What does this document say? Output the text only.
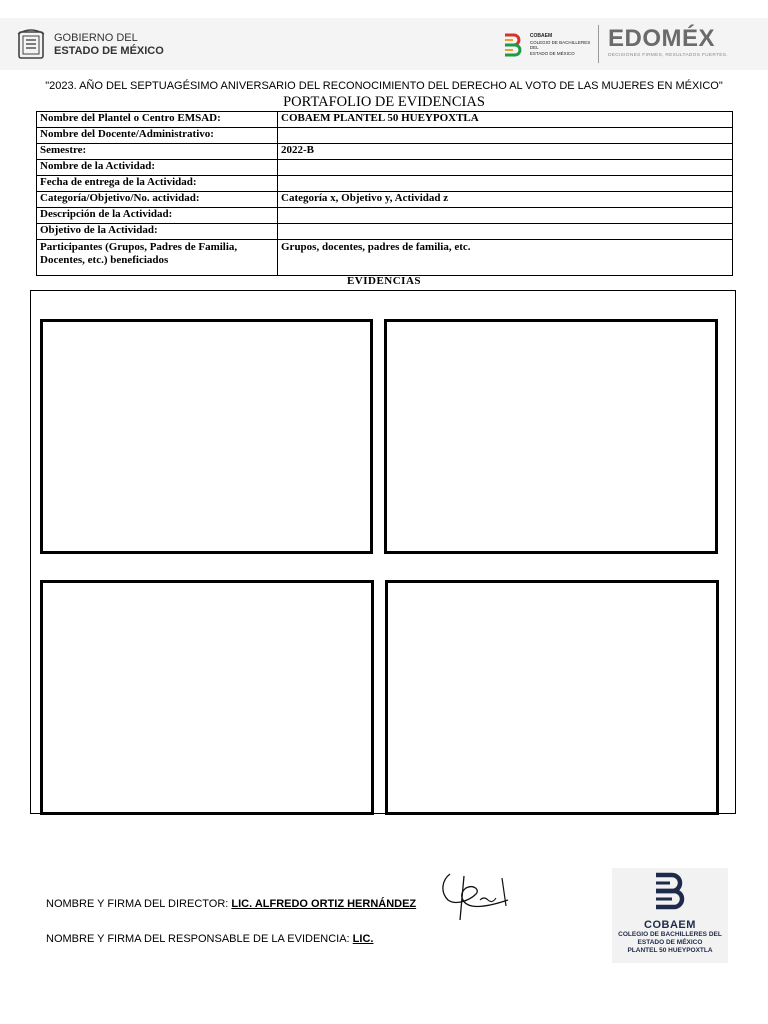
GOBIERNO DEL
ESTADO DE MÉXICO
COBAEM
COLEGIO DE BACHILLERES DEL
ESTADO DE MÉXICO
EDOMÉX
DECISIONES FIRMES, RESULTADOS FUERTES.
"2023. AÑO DEL SEPTUAGÉSIMO ANIVERSARIO DEL RECONOCIMIENTO DEL DERECHO AL VOTO DE LAS MUJERES EN MÉXICO"
PORTAFOLIO DE EVIDENCIAS
Nombre del Plantel o Centro EMSAD:	COBAEM PLANTEL 50 HUEYPOXTLA
Nombre del Docente/Administrativo:	
Semestre:	2022-B
Nombre de la Actividad:	
Fecha de entrega de la Actividad:	
Categoría/Objetivo/No. actividad:	Categoría x, Objetivo y, Actividad z
Descripción de la Actividad:	
Objetivo de la Actividad:	
Participantes (Grupos, Padres de Familia, Docentes, etc.) beneficiados	Grupos, docentes, padres de familia, etc.
EVIDENCIAS
NOMBRE Y FIRMA DEL DIRECTOR: LIC. ALFREDO ORTIZ HERNÁNDEZ
NOMBRE Y FIRMA DEL RESPONSABLE DE LA EVIDENCIA: LIC.
COBAEM
COLEGIO DE BACHILLERES DEL
ESTADO DE MÉXICO
PLANTEL 50 HUEYPOXTLA
